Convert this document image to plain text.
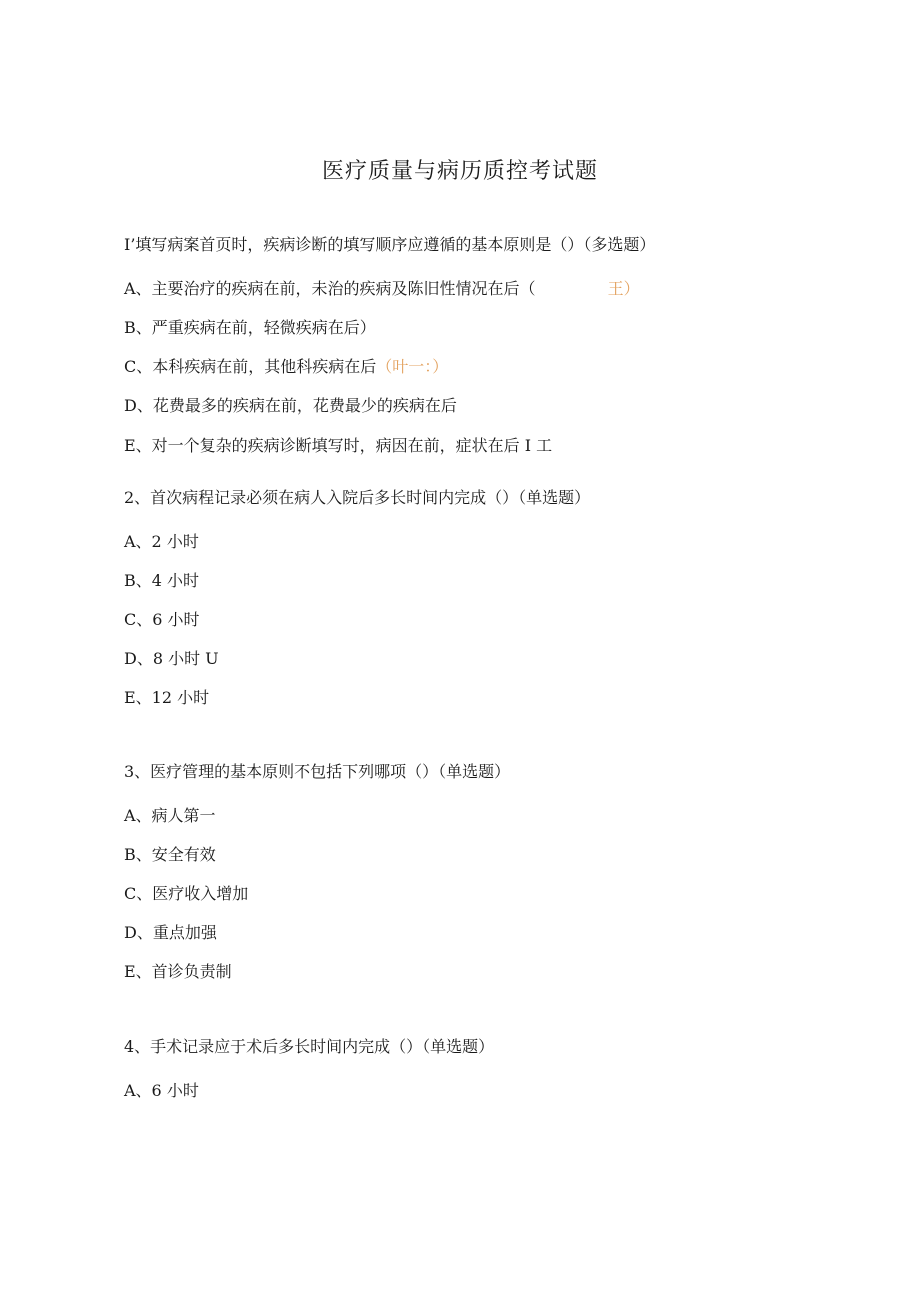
医疗质量与病历质控考试题
I’填写病案首页时，疾病诊断的填写顺序应遵循的基本原则是（）（多选题）
A、主要治疗的疾病在前，未治的疾病及陈旧性情况在后（	王）
B、严重疾病在前，轻微疾病在后）
C、本科疾病在前，其他科疾病在后（叶一：）
D、花费最多的疾病在前，花费最少的疾病在后
E、对一个复杂的疾病诊断填写时，病因在前，症状在后 I 工
2、首次病程记录必须在病人入院后多长时间内完成（）（单选题）
A、2 小时
B、4 小时
C、6 小时
D、8 小时 U
E、12 小时
3、医疗管理的基本原则不包括下列哪项（）（单选题）
A、病人第一
B、安全有效
C、医疗收入增加
D、重点加强
E、首诊负责制
4、手术记录应于术后多长时间内完成（）（单选题）
A、6 小时
